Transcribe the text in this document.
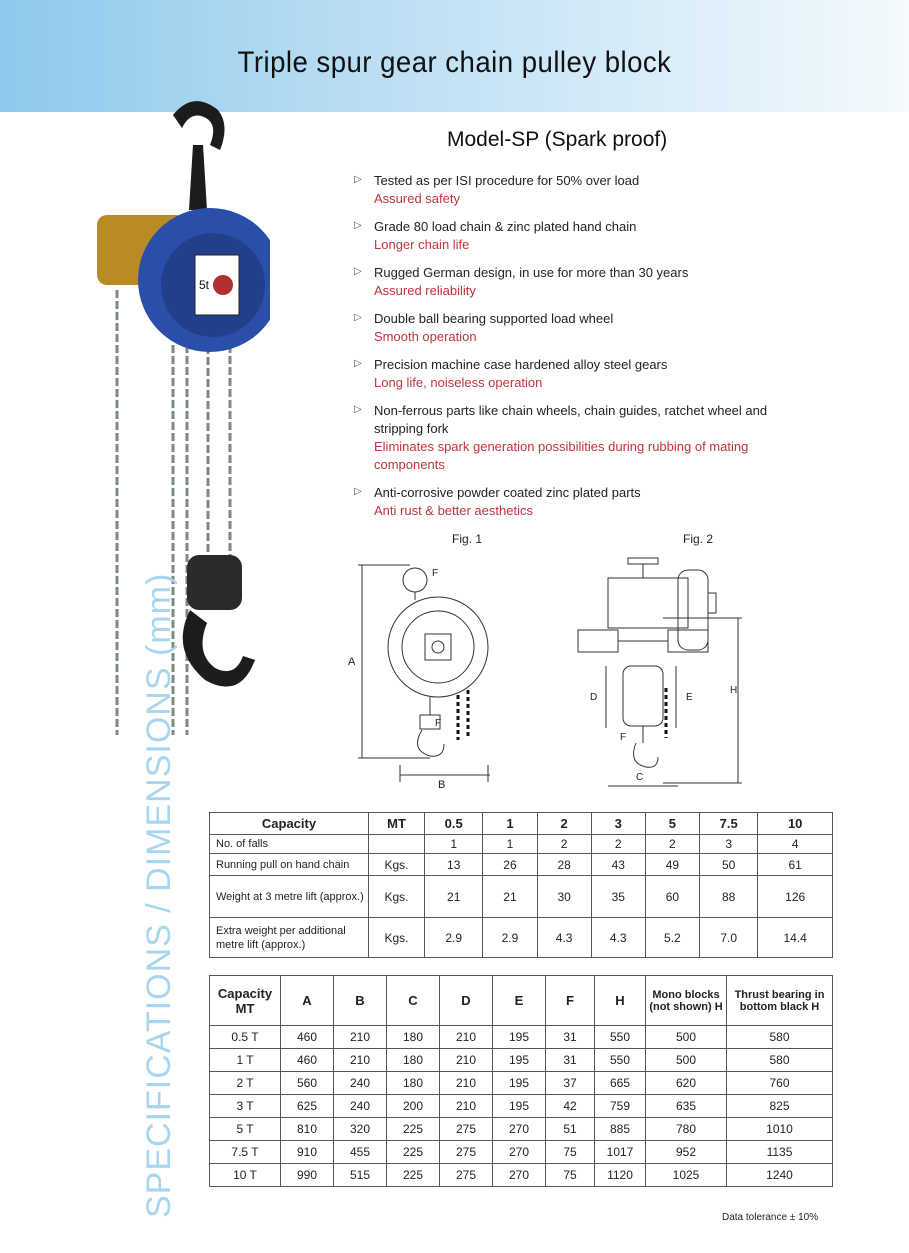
Triple spur gear chain pulley block
5t
Model-SP (Spark proof)
▷ Tested as per ISI procedure for 50% over load
Assured safety
▷ Grade 80 load chain & zinc plated hand chain
Longer chain life
▷ Rugged German design, in use for more than 30 years
Assured reliability
▷ Double ball bearing supported load wheel
Smooth operation
▷ Precision machine case hardened alloy steel gears
Long life, noiseless operation
▷ Non-ferrous parts like chain wheels, chain guides, ratchet wheel and stripping fork
Eliminates spark generation possibilities during rubbing of mating components
▷ Anti-corrosive powder coated zinc plated parts
Anti rust & better aesthetics
Fig. 1
A
B
F
F
Fig. 2
D	E
H
F
C
SPECIFICATIONS / DIMENSIONS (mm)	Capacity	MT	0.5	1	2	3	5	7.5	10
No. of falls		1	1	2	2	2	3	4
Running pull on hand chain	Kgs.	13	26	28	43	49	50	61
Weight at 3 metre lift (approx.)	Kgs.	21	21	30	35	60	88	126
Extra weight per additional metre lift (approx.)	Kgs.	2.9	2.9	4.3	4.3	5.2	7.0	14.4
Capacity MT	A	B	C	D	E	F	H	Mono blocks (not shown) H	Thrust bearing in bottom black H
0.5 T	460	210	180	210	195	31	550	500	580
1 T	460	210	180	210	195	31	550	500	580
2 T	560	240	180	210	195	37	665	620	760
3 T	625	240	200	210	195	42	759	635	825
5 T	810	320	225	275	270	51	885	780	1010
7.5 T	910	455	225	275	270	75	1017	952	1135
10 T	990	515	225	275	270	75	1120	1025	1240
Data tolerance ± 10%
